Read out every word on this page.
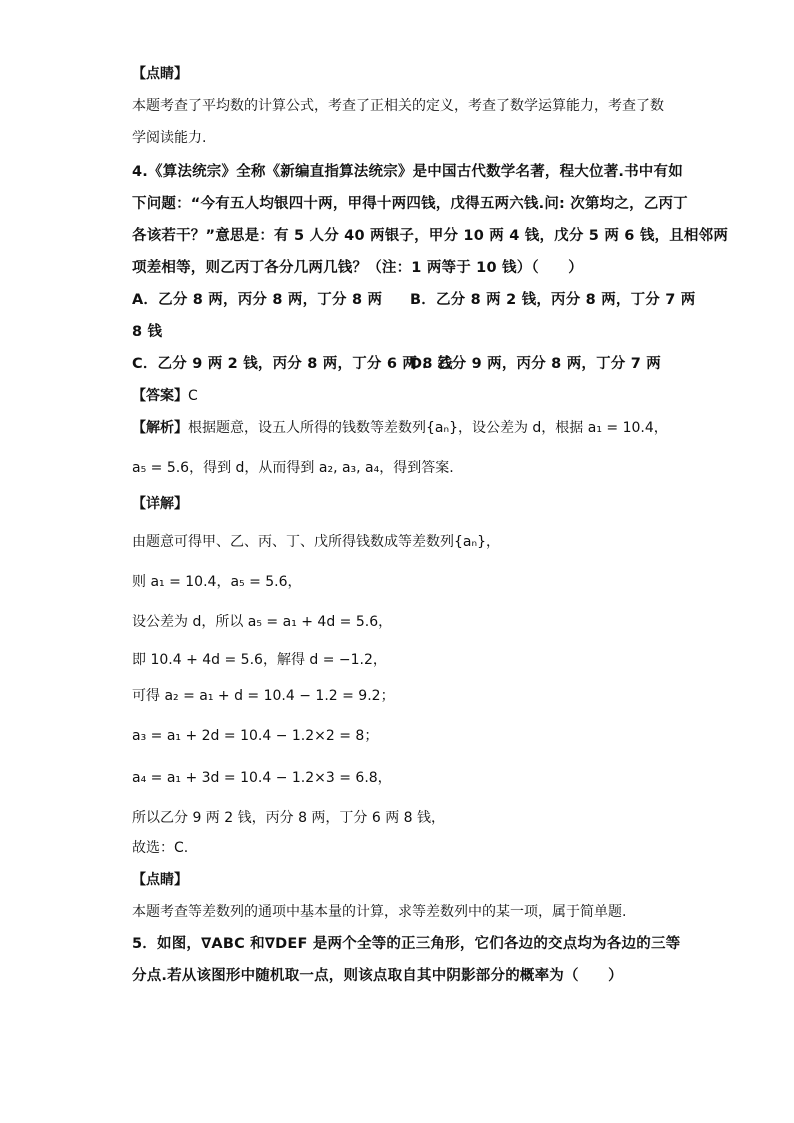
【点睛】
本题考查了平均数的计算公式，考查了正相关的定义，考查了数学运算能力，考查了数
学阅读能力.
4.《算法统宗》全称《新编直指算法统宗》是中国古代数学名著，程大位著.书中有如
下问题：“今有五人均银四十两，甲得十两四钱，戊得五两六钱.问: 次第均之，乙丙丁
各该若干？”意思是：有 5 人分 40 两银子，甲分 10 两 4 钱，戊分 5 两 6 钱，且相邻两
项差相等，则乙丙丁各分几两几钱？（注：1 两等于 10 钱）（　　）
A．乙分 8 两，丙分 8 两，丁分 8 两 B．乙分 8 两 2 钱，丙分 8 两，丁分 7 两
8 钱
C．乙分 9 两 2 钱，丙分 8 两，丁分 6 两 8 钱
D．乙分 9 两，丙分 8 两，丁分 7 两
【答案】C
【解析】根据题意，设五人所得的钱数等差数列{aₙ}，设公差为 d，根据 a₁ = 10.4，
a₅ = 5.6，得到 d，从而得到 a₂, a₃, a₄，得到答案.
【详解】
由题意可得甲、乙、丙、丁、戊所得钱数成等差数列{aₙ}，
则 a₁ = 10.4，a₅ = 5.6，
设公差为 d，所以 a₅ = a₁ + 4d = 5.6，
即 10.4 + 4d = 5.6，解得 d = −1.2，
可得 a₂ = a₁ + d = 10.4 − 1.2 = 9.2；
a₃ = a₁ + 2d = 10.4 − 1.2×2 = 8；
a₄ = a₁ + 3d = 10.4 − 1.2×3 = 6.8，
所以乙分 9 两 2 钱，丙分 8 两，丁分 6 两 8 钱，
故选：C.
【点睛】
本题考查等差数列的通项中基本量的计算，求等差数列中的某一项，属于简单题.
5．如图，∇ABC 和∇DEF 是两个全等的正三角形，它们各边的交点均为各边的三等
分点.若从该图形中随机取一点，则该点取自其中阴影部分的概率为（　　）
